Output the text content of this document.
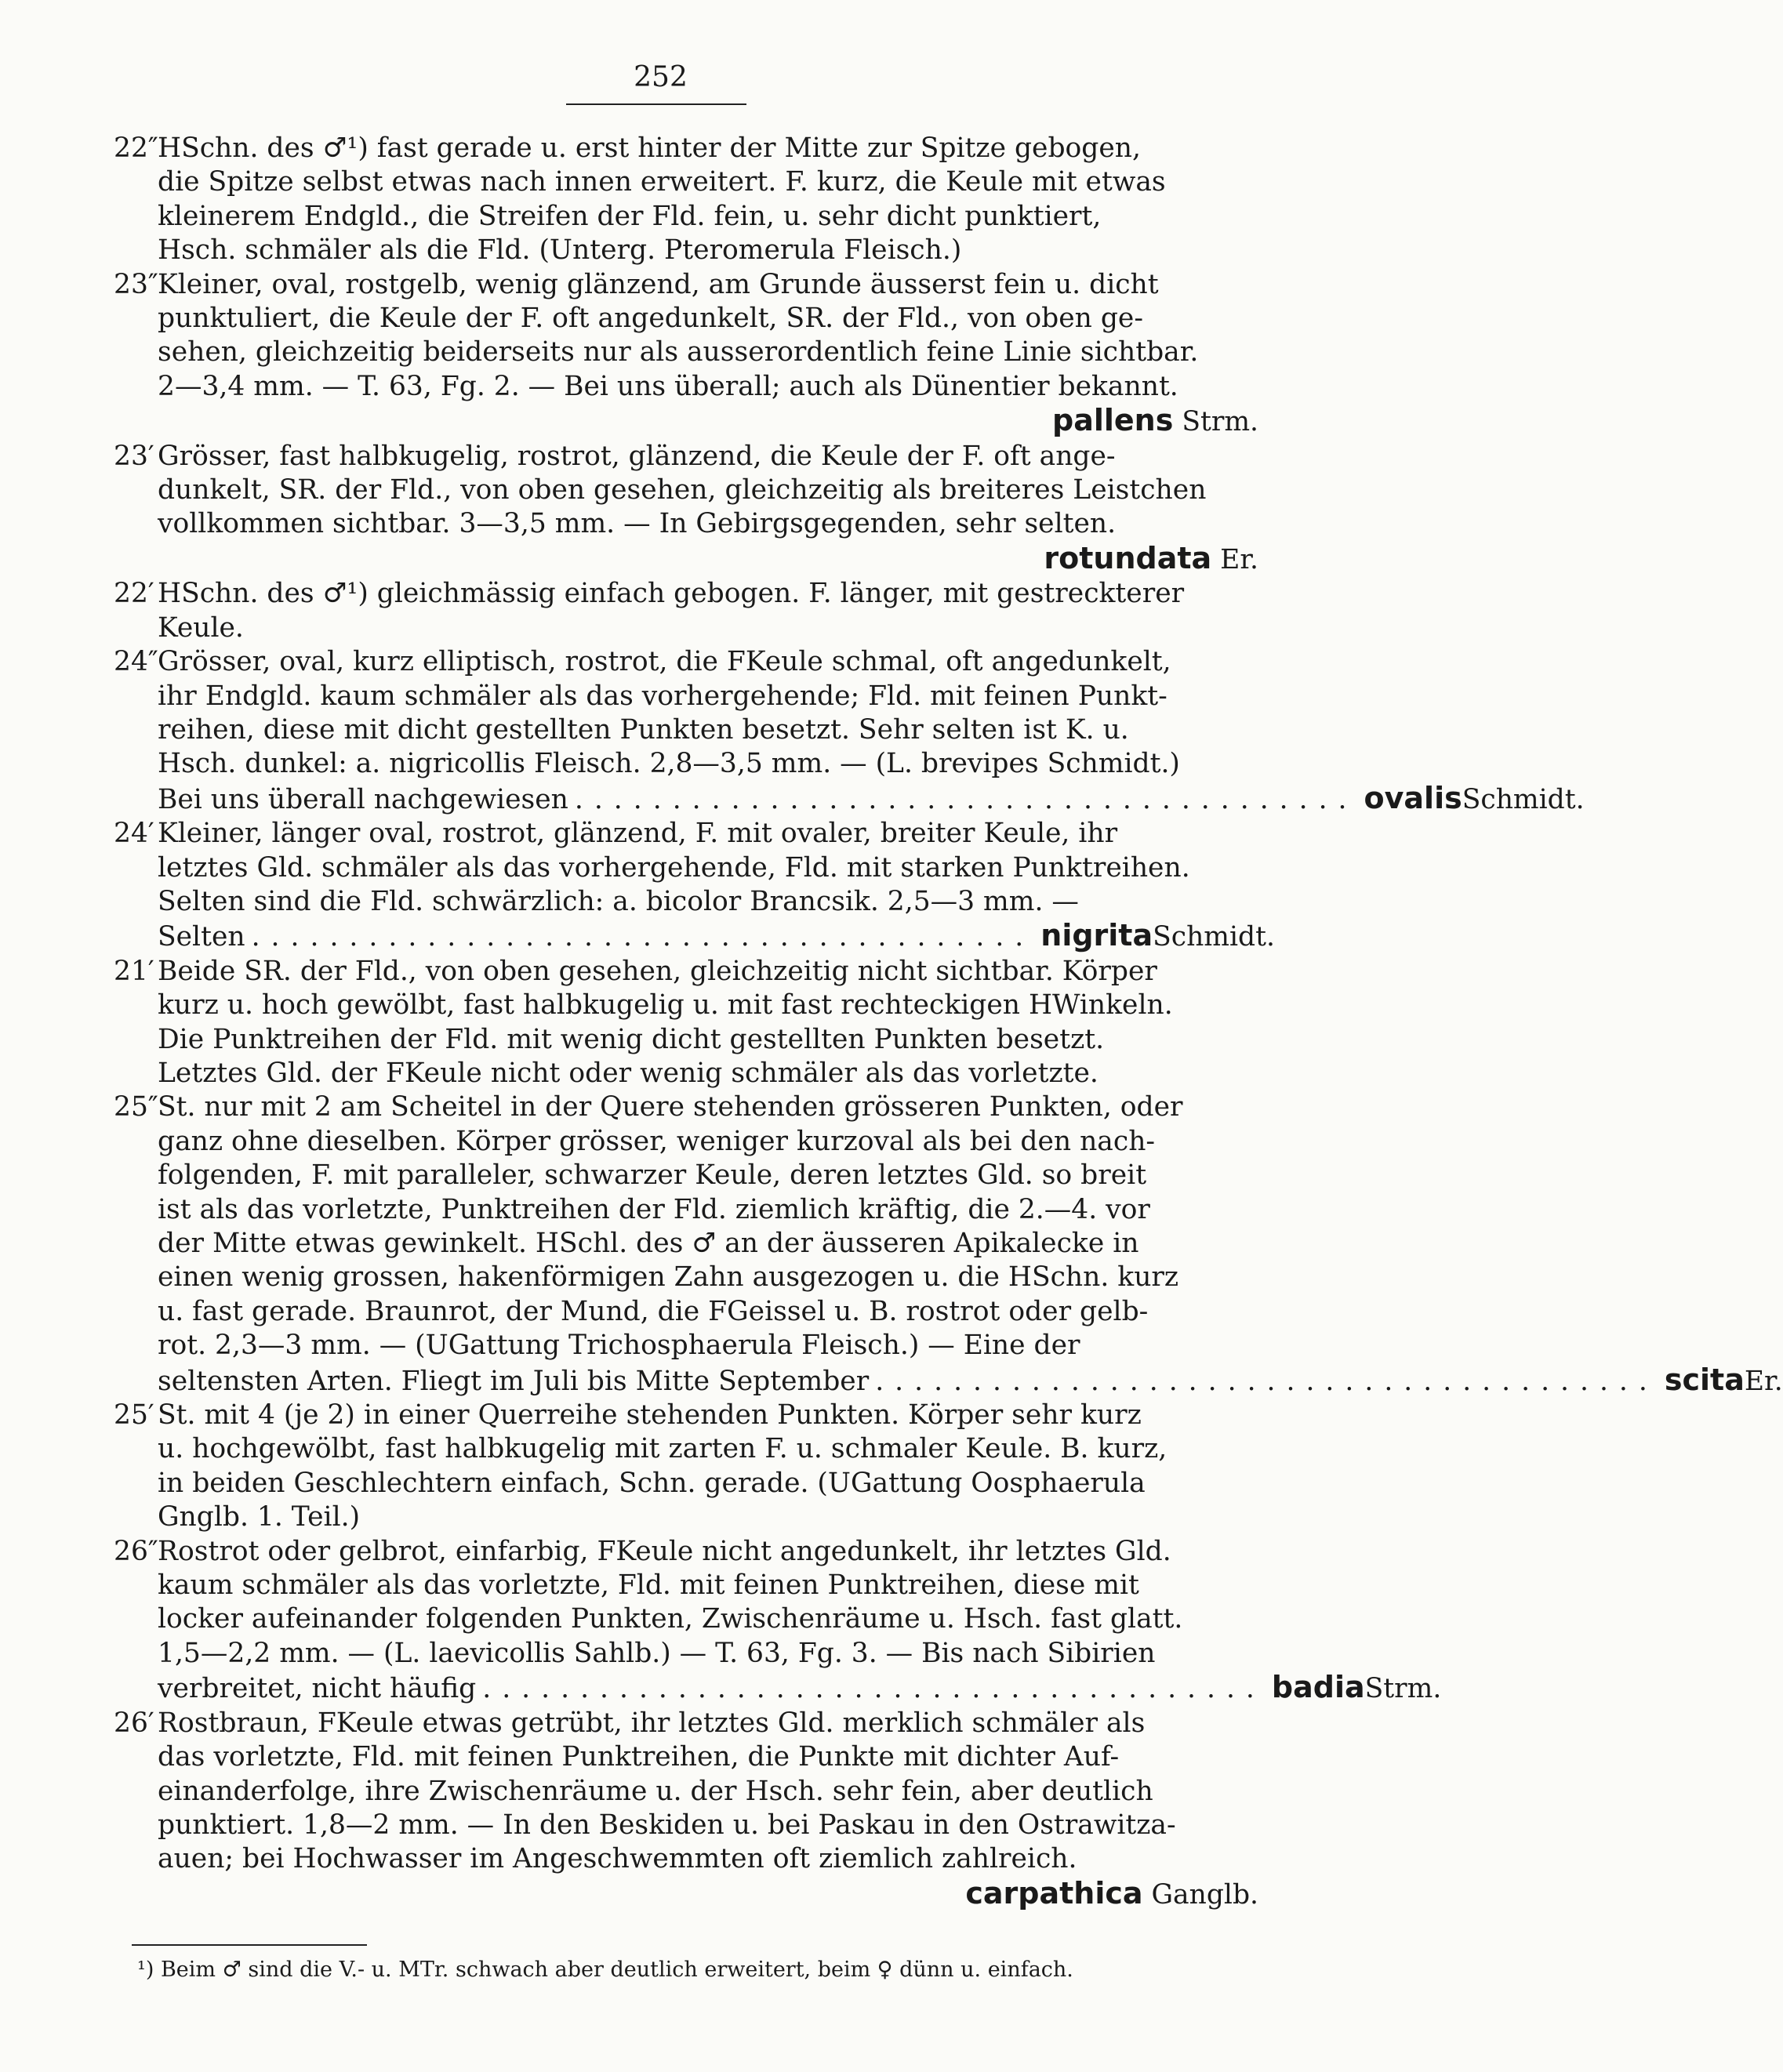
252
22″ HSchn. des ♂¹) fast gerade u. erst hinter der Mitte zur Spitze gebogen,
die Spitze selbst etwas nach innen erweitert. F. kurz, die Keule mit etwas
kleinerem Endgld., die Streifen der Fld. fein, u. sehr dicht punktiert,
Hsch. schmäler als die Fld. (Unterg. Pteromerula Fleisch.)
23″ Kleiner, oval, rostgelb, wenig glänzend, am Grunde äusserst fein u. dicht
punktuliert, die Keule der F. oft angedunkelt, SR. der Fld., von oben ge-
sehen, gleichzeitig beiderseits nur als ausserordentlich feine Linie sichtbar.
2—3,4 mm. — T. 63, Fg. 2. — Bei uns überall; auch als Dünentier bekannt.
pallens Strm.
23′ Grösser, fast halbkugelig, rostrot, glänzend, die Keule der F. oft ange-
dunkelt, SR. der Fld., von oben gesehen, gleichzeitig als breiteres Leistchen
vollkommen sichtbar. 3—3,5 mm. — In Gebirgsgegenden, sehr selten.
rotundata Er.
22′ HSchn. des ♂¹) gleichmässig einfach gebogen. F. länger, mit gestreckterer
Keule.
24″ Grösser, oval, kurz elliptisch, rostrot, die FKeule schmal, oft angedunkelt,
ihr Endgld. kaum schmäler als das vorhergehende; Fld. mit feinen Punkt-
reihen, diese mit dicht gestellten Punkten besetzt. Sehr selten ist K. u.
Hsch. dunkel: a. nigricollis Fleisch. 2,8—3,5 mm. — (L. brevipes Schmidt.)
Bei uns überall nachgewiesen ........................................ ovalis Schmidt.
24′ Kleiner, länger oval, rostrot, glänzend, F. mit ovaler, breiter Keule, ihr
letztes Gld. schmäler als das vorhergehende, Fld. mit starken Punktreihen.
Selten sind die Fld. schwärzlich: a. bicolor Brancsik. 2,5—3 mm. —
Selten ........................................ nigrita Schmidt.
21′ Beide SR. der Fld., von oben gesehen, gleichzeitig nicht sichtbar. Körper
kurz u. hoch gewölbt, fast halbkugelig u. mit fast rechteckigen HWinkeln.
Die Punktreihen der Fld. mit wenig dicht gestellten Punkten besetzt.
Letztes Gld. der FKeule nicht oder wenig schmäler als das vorletzte.
25″ St. nur mit 2 am Scheitel in der Quere stehenden grösseren Punkten, oder
ganz ohne dieselben. Körper grösser, weniger kurzoval als bei den nach-
folgenden, F. mit paralleler, schwarzer Keule, deren letztes Gld. so breit
ist als das vorletzte, Punktreihen der Fld. ziemlich kräftig, die 2.—4. vor
der Mitte etwas gewinkelt. HSchl. des ♂ an der äusseren Apikalecke in
einen wenig grossen, hakenförmigen Zahn ausgezogen u. die HSchn. kurz
u. fast gerade. Braunrot, der Mund, die FGeissel u. B. rostrot oder gelb-
rot. 2,3—3 mm. — (UGattung Trichosphaerula Fleisch.) — Eine der
seltensten Arten. Fliegt im Juli bis Mitte September ........................................ scita Er.
25′ St. mit 4 (je 2) in einer Querreihe stehenden Punkten. Körper sehr kurz
u. hochgewölbt, fast halbkugelig mit zarten F. u. schmaler Keule. B. kurz,
in beiden Geschlechtern einfach, Schn. gerade. (UGattung Oosphaerula
Gnglb. 1. Teil.)
26″ Rostrot oder gelbrot, einfarbig, FKeule nicht angedunkelt, ihr letztes Gld.
kaum schmäler als das vorletzte, Fld. mit feinen Punktreihen, diese mit
locker aufeinander folgenden Punkten, Zwischenräume u. Hsch. fast glatt.
1,5—2,2 mm. — (L. laevicollis Sahlb.) — T. 63, Fg. 3. — Bis nach Sibirien
verbreitet, nicht häufig ........................................ badia Strm.
26′ Rostbraun, FKeule etwas getrübt, ihr letztes Gld. merklich schmäler als
das vorletzte, Fld. mit feinen Punktreihen, die Punkte mit dichter Auf-
einanderfolge, ihre Zwischenräume u. der Hsch. sehr fein, aber deutlich
punktiert. 1,8—2 mm. — In den Beskiden u. bei Paskau in den Ostrawitza-
auen; bei Hochwasser im Angeschwemmten oft ziemlich zahlreich.
carpathica Ganglb.
¹) Beim ♂ sind die V.- u. MTr. schwach aber deutlich erweitert, beim ♀ dünn u. einfach.
